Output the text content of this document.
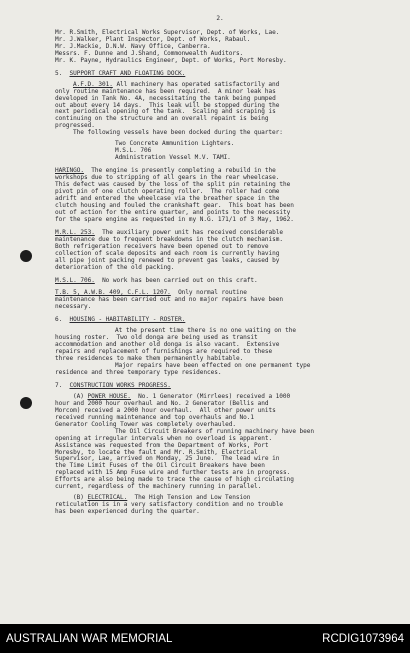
2.
Mr. R.Smith, Electrical Works Supervisor, Dept. of Works, Lae.
Mr. J.Walker, Plant Inspector, Dept. of Works, Rabaul.
Mr. J.Mackie, D.N.W. Navy Office, Canberra.
Messrs. F. Dunne and J.Shand, Commonwealth Auditors.
Mr. K. Payne, Hydraulics Engineer, Dept. of Works, Port Moresby.
5. SUPPORT CRAFT AND FLOATING DOCK.
A.F.D. 301. All machinery has operated satisfactorily and
only routine maintenance has been required.  A minor leak has
developed in Tank No. 4A, necessitating the tank being pumped
out about every 14 days.  This leak will be stopped during the
next periodical opening of the tank.  Scaling and scraping is
continuing on the structure and an overall repaint is being
progressed.
The following vessels have been docked during the quarter:
Two Concrete Ammunition Lighters.
M.S.L. 706
Administration Vessel M.V. TAMI.
HARINGO. The engine is presently completing a rebuild in the
workshops due to stripping of all gears in the rear wheelcase.
This defect was caused by the loss of the split pin retaining the
pivot pin of one clutch operating roller.  The roller had come
adrift and entered the wheelcase via the breather space in the
clutch housing and fouled the crankshaft gear.  This boat has been
out of action for the entire quarter, and points to the necessity
for the spare engine as requested in my N.G. 171/1 of 3 May, 1962.
M.R.L. 253. The auxiliary power unit has received considerable
maintenance due to frequent breakdowns in the clutch mechanism.
Both refrigeration receivers have been opened out to remove
collection of scale deposits and each room is currently having
all pipe joint packing renewed to prevent gas leaks, caused by
deterioration of the old packing.
M.S.L. 706. No work has been carried out on this craft.
T.B. 5, A.W.B. 409, C.F.L. 1207. Only normal routine
maintenance has been carried out and no major repairs have been
necessary.
6. HOUSING - HABITABILITY - ROSTER.
At the present time there is no one waiting on the
housing roster.  Two old donga are being used as transit
accommodation and another old donga is also vacant.  Extensive
repairs and replacement of furnishings are required to these
three residences to make them permanently habitable.
Major repairs have been effected on one permanent type
residence and three temporary type residences.
7. CONSTRUCTION WORKS PROGRESS.
(A) POWER HOUSE. No. 1 Generator (Mirrlees) received a 1000
hour and 2000 hour overhaul and No. 2 Generator (Bellis and
Morcom) received a 2000 hour overhaul.  All other power units
received running maintenance and top overhauls and No.1
Generator Cooling Tower was completely overhauled.
The Oil Circuit Breakers of running machinery have been
opening at irregular intervals when no overload is apparent.
Assistance was requested from the Department of Works, Port
Moresby, to locate the fault and Mr. R.Smith, Electrical
Supervisor, Lae, arrived on Monday, 25 June.  The lead wire in
the Time Limit Fuses of the Oil Circuit Breakers have been
replaced with 15 Amp Fuse wire and further tests are in progress.
Efforts are also being made to trace the cause of high circulating
current, regardless of the machinery running in parallel.
(B) ELECTRICAL. The High Tension and Low Tension
reticulation is in a very satisfactory condition and no trouble
has been experienced during the quarter.
AUSTRALIAN WAR MEMORIAL	RCDIG1073964
